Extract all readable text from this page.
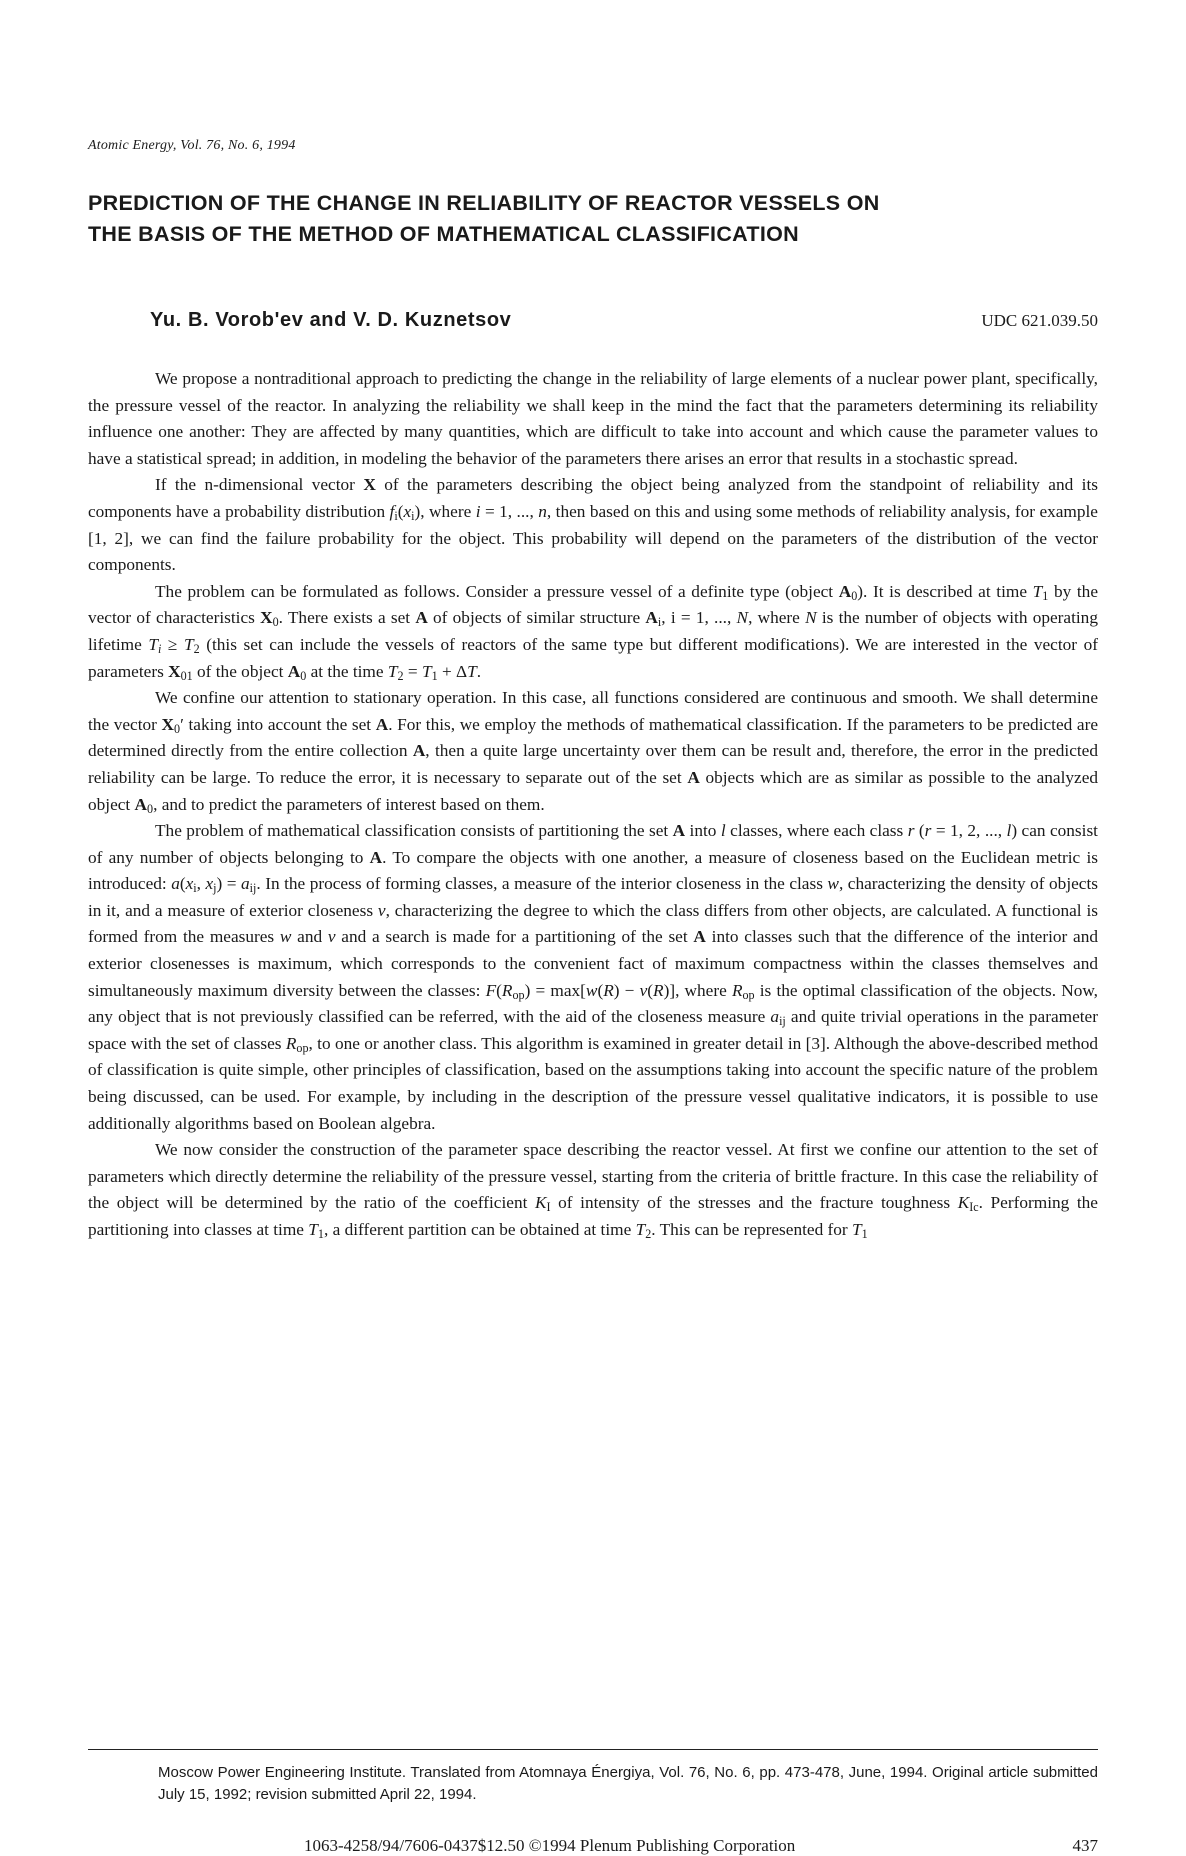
Atomic Energy, Vol. 76, No. 6, 1994
PREDICTION OF THE CHANGE IN RELIABILITY OF REACTOR VESSELS ON THE BASIS OF THE METHOD OF MATHEMATICAL CLASSIFICATION
Yu. B. Vorob'ev and V. D. Kuznetsov	UDC 621.039.50

We propose a nontraditional approach to predicting the change in the reliability of large elements of a nuclear power plant, specifically, the pressure vessel of the reactor. In analyzing the reliability we shall keep in the mind the fact that the parameters determining its reliability influence one another: They are affected by many quantities, which are difficult to take into account and which cause the parameter values to have a statistical spread; in addition, in modeling the behavior of the parameters there arises an error that results in a stochastic spread.

If the n-dimensional vector X of the parameters describing the object being analyzed from the standpoint of reliability and its components have a probability distribution $f_i(x_i)$, where i = 1, ..., n, then based on this and using some methods of reliability analysis, for example [1, 2], we can find the failure probability for the object. This probability will depend on the parameters of the distribution of the vector components.

The problem can be formulated as follows. Consider a pressure vessel of a definite type (object $A_0$). It is described at time $T_1$ by the vector of characteristics $X_0$. There exists a set A of objects of similar structure $A_i$, i = 1, ..., N, where N is the number of objects with operating lifetime $T_i \ge T_2$ (this set can include the vessels of reactors of the same type but different modifications). We are interested in the vector of parameters $X_{01}$ of the object $A_0$ at the time $T_2 = T_1 + \Delta T$.

We confine our attention to stationary operation. In this case, all functions considered are continuous and smooth. We shall determine the vector $X_0'$ taking into account the set A. For this, we employ the methods of mathematical classification. If the parameters to be predicted are determined directly from the entire collection A, then a quite large uncertainty over them can be result and, therefore, the error in the predicted reliability can be large. To reduce the error, it is necessary to separate out of the set A objects which are as similar as possible to the analyzed object $A_0$, and to predict the parameters of interest based on them.

The problem of mathematical classification consists of partitioning the set A into l classes, where each class r (r = 1, 2, ..., l) can consist of any number of objects belonging to A. To compare the objects with one another, a measure of closeness based on the Euclidean metric is introduced: $a(x_i$, $x_j) = a_{ij}$. In the process of forming classes, a measure of the interior closeness in the class w, characterizing the density of objects in it, and a measure of exterior closeness ν, characterizing the degree to which the class differs from other objects, are calculated. A functional is formed from the measures w and ν and a search is made for a partitioning of the set A into classes such that the difference of the interior and exterior closenesses is maximum, which corresponds to the convenient fact of maximum compactness within the classes themselves and simultaneously maximum diversity between the classes: $F(R_{op}) = \max[w(R) - \nu(R)]$, where $R_{op}$ is the optimal classification of the objects. Now, any object that is not previously classified can be referred, with the aid of the closeness measure $a_{ij}$ and quite trivial operations in the parameter space with the set of classes $R_{op}$, to one or another class. This algorithm is examined in greater detail in [3]. Although the above-described method of classification is quite simple, other principles of classification, based on the assumptions taking into account the specific nature of the problem being discussed, can be used. For example, by including in the description of the pressure vessel qualitative indicators, it is possible to use additionally algorithms based on Boolean algebra.

We now consider the construction of the parameter space describing the reactor vessel. At first we confine our attention to the set of parameters which directly determine the reliability of the pressure vessel, starting from the criteria of brittle fracture. In this case the reliability of the object will be determined by the ratio of the coefficient $K_I$ of intensity of the stresses and the fracture toughness $K_{Ic}$. Performing the partitioning into classes at time $T_1$, a different partition can be obtained at time $T_2$. This can be represented for $T_1$

Moscow Power Engineering Institute. Translated from Atomnaya Énergiya, Vol. 76, No. 6, pp. 473-478, June, 1994. Original article submitted July 15, 1992; revision submitted April 22, 1994.
1063-4258/94/7606-0437$12.50 ©1994 Plenum Publishing Corporation	437
